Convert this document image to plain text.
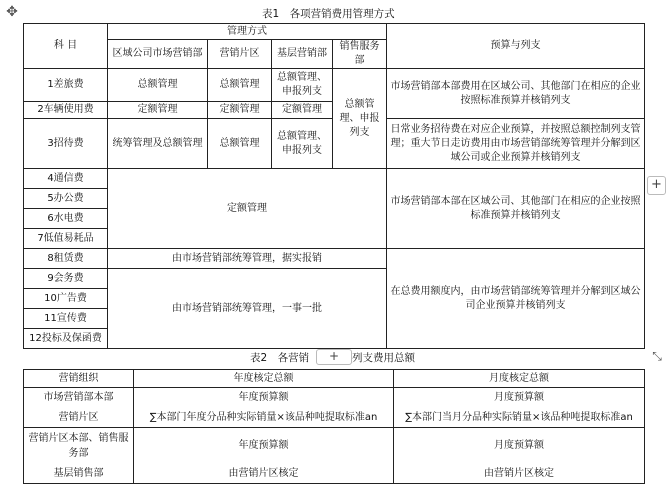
✥	表1　各项营销费用管理方式
科 目	管理方式				预算与列支
	区域公司市场营销部	营销片区	基层营销部	销售服务部	
1差旅费	总额管理	总额管理	总额管理、申报列支	总额管理、申报列支	市场营销部本部费用在区域公司、其他部门在相应的企业按照标准预算并核销列支
2车辆使用费	定额管理	定额管理	定额管理		
3招待费	统筹管理及总额管理	总额管理	总额管理、申报列支		日常业务招待费在对应企业预算，并按照总额控制列支管理；重大节日走访费用由市场营销部统筹管理并分解到区域公司或企业预算并核销列支
4通信费	定额管理				市场营销部本部在区域公司、其他部门在相应的企业按照标准预算并核销列支
5办公费					
6水电费					
7低值易耗品					
8租赁费	由市场营销部统筹管理，据实报销				在总费用额度内，由市场营销部统筹管理并分解到区域公司企业预算并核销列支
9会务费	由市场营销部统筹管理，一事一批				
10广告费					
11宣传费					
12投标及保函费					
+
表2　各营销	+	列支费用总额	⤡
营销组织	年度核定总额	月度核定总额
市场营销部本部	年度预算额	月度预算额
营销片区	∑本部门年度分品种实际销量×该品种吨提取标准an	∑本部门当月分品种实际销量×该品种吨提取标准an
营销片区本部、销售服务部	年度预算额	月度预算额
基层销售部	由营销片区核定	由营销片区核定
